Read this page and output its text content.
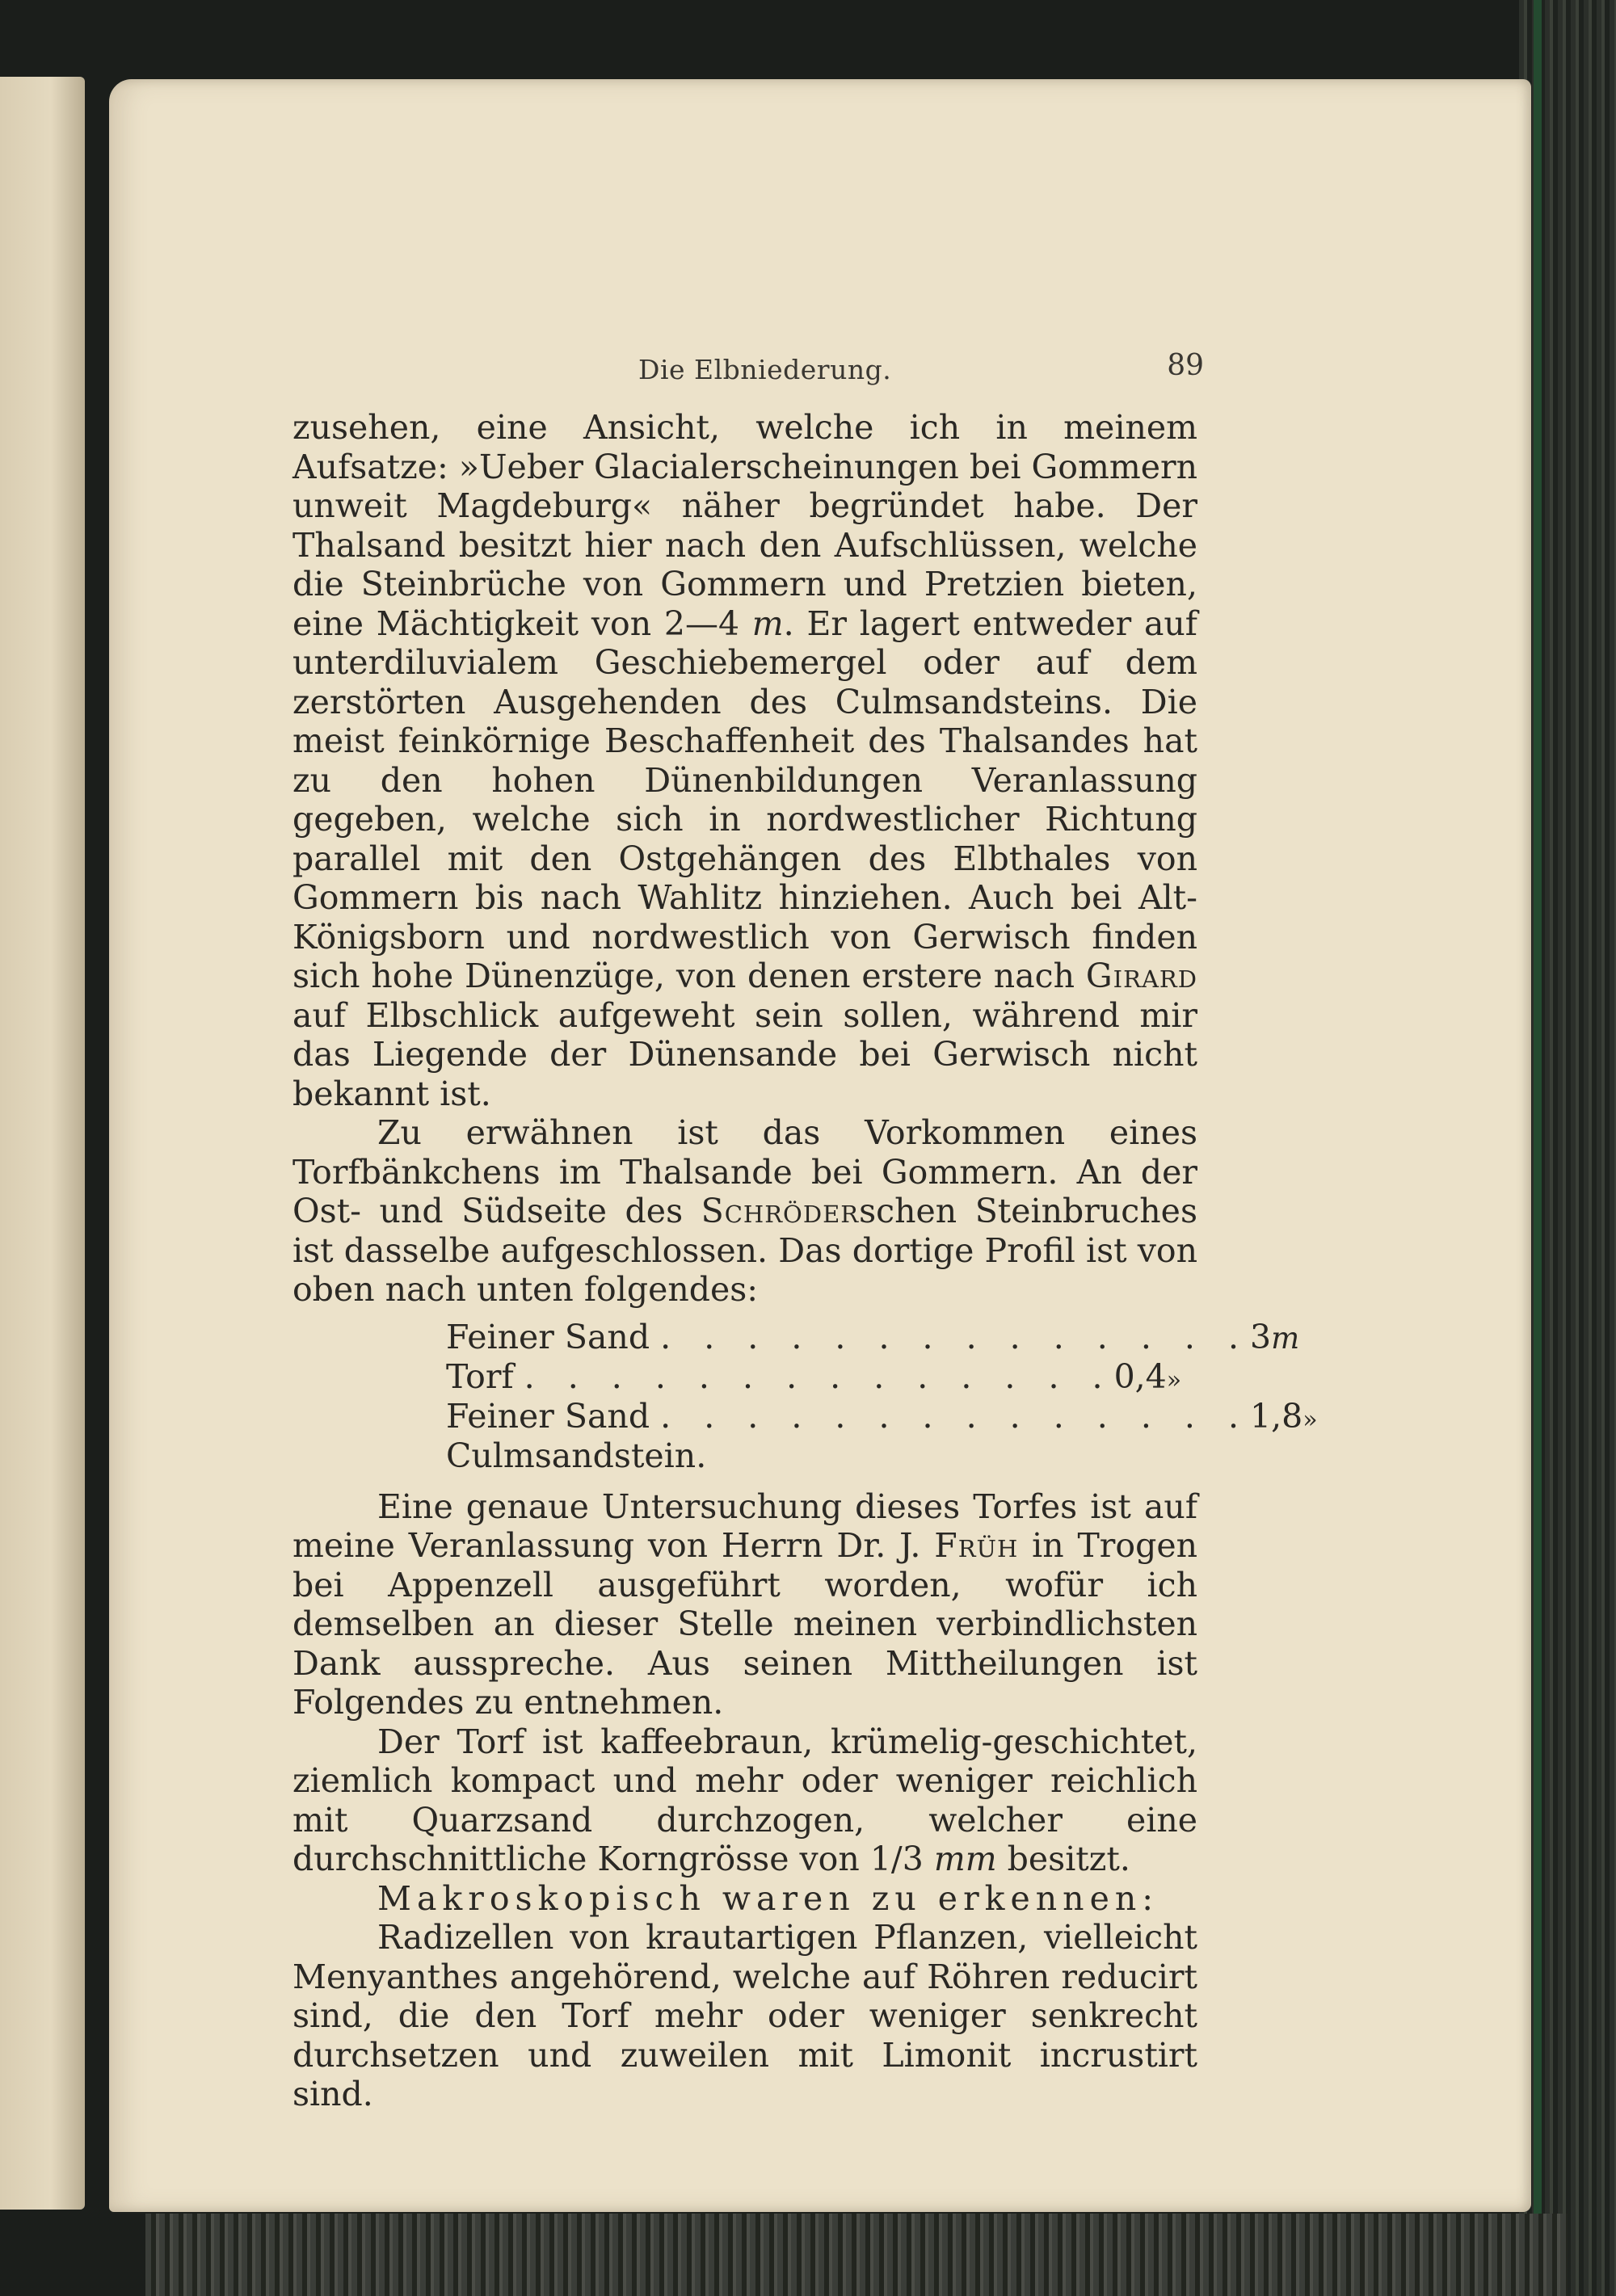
Die Elbniederung.	89

zusehen, eine Ansicht, welche ich in meinem Aufsatze: »Ueber Glacialerscheinungen bei Gommern unweit Magdeburg« näher begründet habe. Der Thalsand besitzt hier nach den Aufschlüssen, welche die Steinbrüche von Gommern und Pretzien bieten, eine Mächtigkeit von 2—4 m. Er lagert entweder auf unterdiluvialem Geschiebemergel oder auf dem zerstörten Ausgehenden des Culmsandsteins. Die meist feinkörnige Beschaffenheit des Thalsandes hat zu den hohen Dünenbildungen Veranlassung gegeben, welche sich in nordwestlicher Richtung parallel mit den Ostgehängen des Elbthales von Gommern bis nach Wahlitz hinziehen. Auch bei Alt-Königsborn und nordwestlich von Gerwisch finden sich hohe Dünenzüge, von denen erstere nach Girard auf Elbschlick aufgeweht sein sollen, während mir das Liegende der Dünensande bei Gerwisch nicht bekannt ist.

Zu erwähnen ist das Vorkommen eines Torfbänkchens im Thalsande bei Gommern. An der Ost- und Südseite des Schröderschen Steinbruches ist dasselbe aufgeschlossen. Das dortige Profil ist von oben nach unten folgendes:

Feiner Sand . . . . . . . . . . . . . . 3 m
Torf . . . . . . . . . . . . . . 0,4 »
Feiner Sand . . . . . . . . . . . . . . 1,8 »
Culmsandstein.

Eine genaue Untersuchung dieses Torfes ist auf meine Veranlassung von Herrn Dr. J. Früh in Trogen bei Appenzell ausgeführt worden, wofür ich demselben an dieser Stelle meinen verbindlichsten Dank ausspreche. Aus seinen Mittheilungen ist Folgendes zu entnehmen.

Der Torf ist kaffeebraun, krümelig-geschichtet, ziemlich kompact und mehr oder weniger reichlich mit Quarzsand durchzogen, welcher eine durchschnittliche Korngrösse von 1/3 mm besitzt.

Makroskopisch waren zu erkennen:

Radizellen von krautartigen Pflanzen, vielleicht Menyanthes angehörend, welche auf Röhren reducirt sind, die den Torf mehr oder weniger senkrecht durchsetzen und zuweilen mit Limonit incrustirt sind.
